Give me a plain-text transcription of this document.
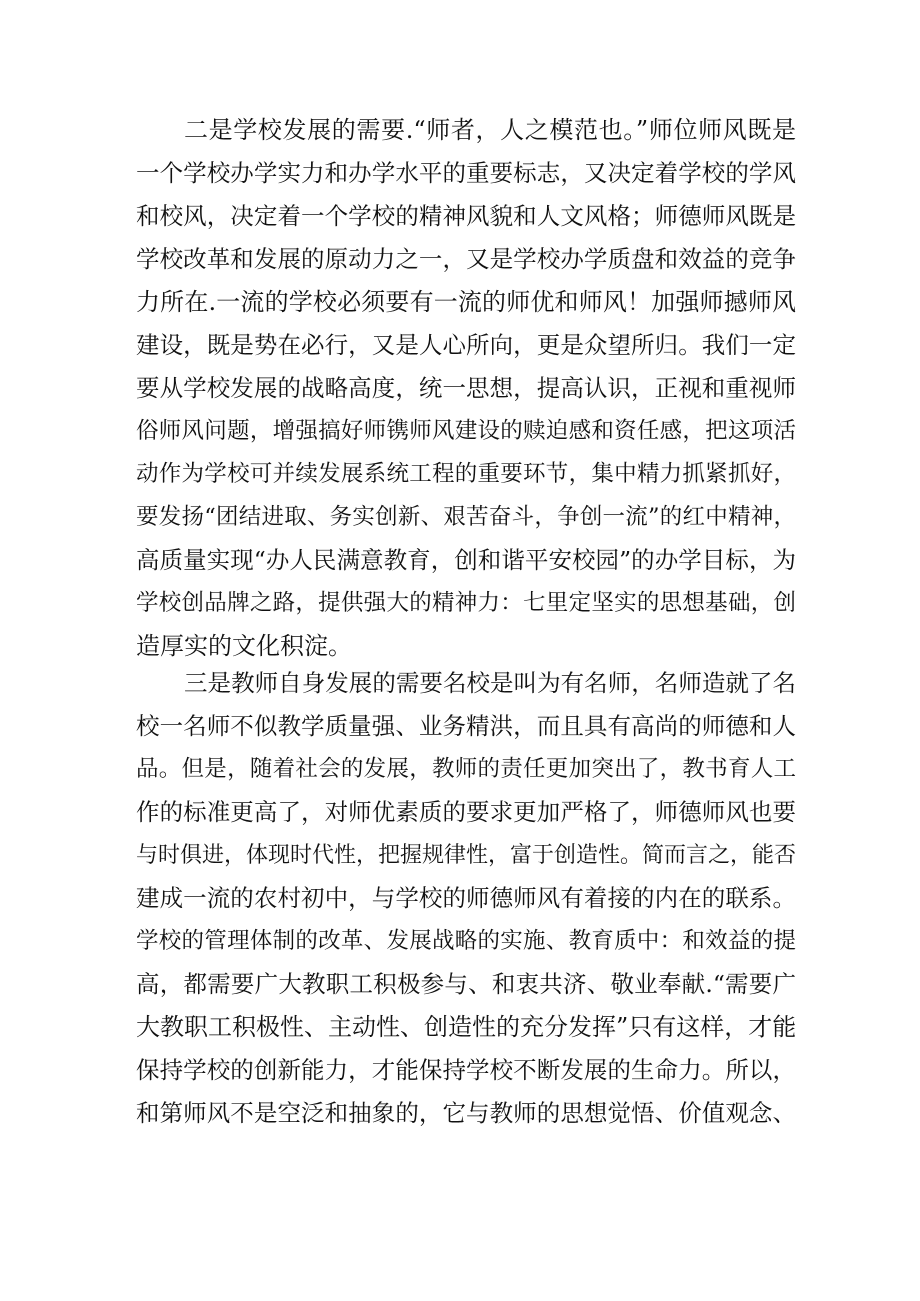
二是学校发展的需要.“师者，人之模范也。”师位师风既是
一个学校办学实力和办学水平的重要标志，又决定着学校的学风
和校风，决定着一个学校的精神风貌和人文风格；师德师风既是
学校改革和发展的原动力之一，又是学校办学质盘和效益的竞争
力所在.一流的学校必须要有一流的师优和师风！加强师撼师风
建设，既是势在必行，又是人心所向，更是众望所归。我们一定
要从学校发展的战略高度，统一思想，提高认识，正视和重视师
俗师风问题，增强搞好师镌师风建设的赎迫感和资任感，把这项活
动作为学校可并续发展系统工程的重要环节，集中精力抓紧抓好，
要发扬“团结进取、务实创新、艰苦奋斗，争创一流”的红中精神，
高质量实现“办人民满意教育，创和谐平安校园”的办学目标，为
学校创品牌之路，提供强大的精神力：七里定坚实的思想基础，创
造厚实的文化积淀。
三是教师自身发展的需要名校是叫为有名师，名师造就了名
校一名师不似教学质量强、业务精洪，而且具有高尚的师德和人
品。但是，随着社会的发展，教师的责任更加突出了，教书育人工
作的标准更高了，对师优素质的要求更加严格了，师德师风也要
与时俱进，体现时代性，把握规律性，富于创造性。简而言之，能否
建成一流的农村初中，与学校的师德师风有着接的内在的联系。
学校的管理体制的改革、发展战略的实施、教育质中：和效益的提
高，都需要广大教职工积极参与、和衷共济、敬业奉献.“需要广
大教职工积极性、主动性、创造性的充分发挥”只有这样，才能
保持学校的创新能力，才能保持学校不断发展的生命力。所以，
和第师风不是空泛和抽象的，它与教师的思想觉悟、价值观念、
